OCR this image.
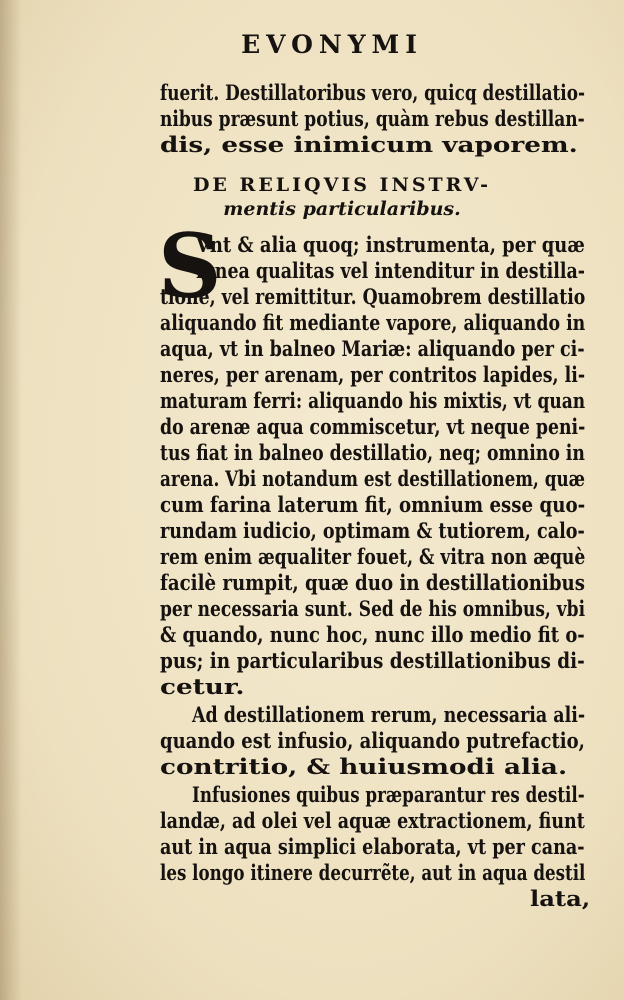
EVONYMI
fuerit. Destillatoribus vero, quicq destillatio-
nibus præsunt potius, quàm rebus destillan-
dis, esse inimicum vaporem.
DE RELIQVIS INSTRV-
mentis particularibus.
S
Vnt & alia quoq; instrumenta, per quæ
igneа qualitas vel intenditur in destilla-
tione, vel remittitur. Quamobrem destillatio
aliquando fit mediante vapore, aliquando in
aqua, vt in balneo Mariæ: aliquando per ci-
neres, per arenam, per contritos lapides, li-
maturam ferri: aliquando his mixtis, vt quan
do arenæ aqua commiscetur, vt neque peni-
tus fiat in balneo destillatio, neq; omnino in
arena. Vbi notandum est destillationem, quæ
cum farina laterum fit, omnium esse quo-
rundam iudicio, optimam & tutiorem, calo-
rem enim æqualiter fouet, & vitra non æquè
facilè rumpit, quæ duo in destillationibus
per necessaria sunt. Sed de his omnibus, vbi
& quando, nunc hoc, nunc illo medio fit o-
pus; in particularibus destillationibus di-
cetur.
Ad destillationem rerum, necessaria ali-
quando est infusio, aliquando putrefactio,
contritio, & huiusmodi alia.
Infusiones quibus præparantur res destil-
landæ, ad olei vel aquæ extractionem, fiunt
aut in aqua simplici elaborata, vt per cana-
les longo itinere decurrẽte, aut in aqua destil
lata,
